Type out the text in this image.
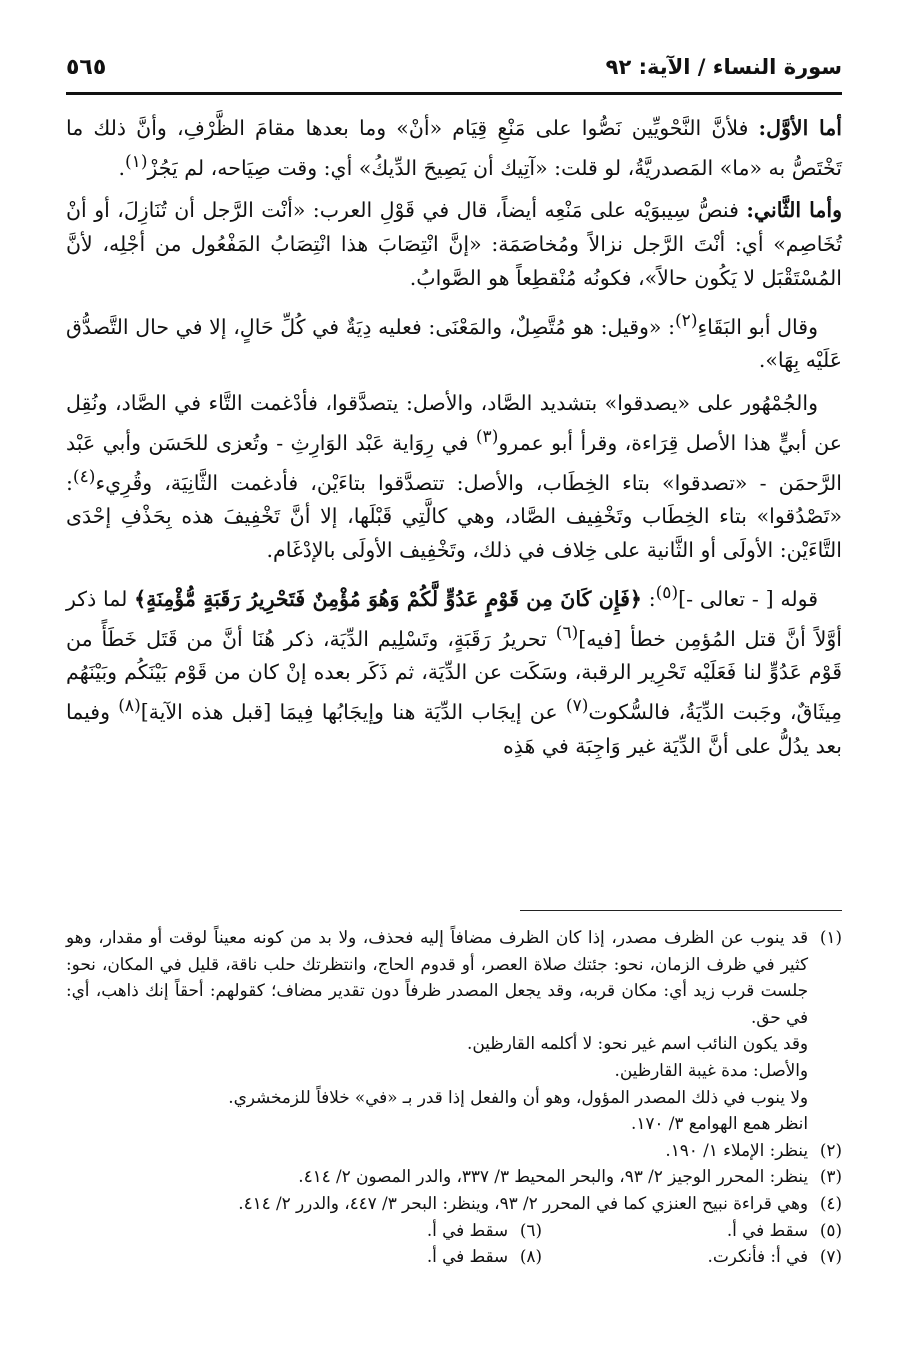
سورة النساء / الآية: ٩٢
٥٦٥

أما الأوَّل: فلأنَّ النَّحْويِّين نَصُّوا على مَنْعِ قِيَام «أنْ» وما بعدها مقامَ الظَّرْفِ، وأنَّ ذلك ما تَخْتَصُّ به «ما» المَصدريَّةُ، لو قلت: «آتِيك أن يَصِيحَ الدِّيكُ» أي: وقت صِيَاحه، لم يَجُزْ$^{(١)}$.

وأما الثَّاني: فنصُّ سِيبوَيْه على مَنْعِه أيضاً، قال في قَوْلِ العرب: «أنْت الرَّجل أن تُنَازِلَ، أو أنْ تُخَاصِم» أي: أنْتَ الرَّجل نزالاً ومُخاصَمَة: «إنَّ انْتِصَابَ هذا انْتِصَابُ المَفْعُول من أجْلِه، لأنَّ المُسْتَقْبَل لا يَكُون حالاً»، فكونُه مُنْقطِعاً هو الصَّوابُ.

وقال أبو البَقَاءِ$^{(٢)}$: «وقيل: هو مُتَّصِلٌ، والمَعْنَى: فعليه دِيَةٌ في كُلِّ حَالٍ، إلا في حال التَّصدُّق عَلَيْه بِهَا».

والجُمْهُور على «يصدقوا» بتشديد الصَّاد، والأصل: يتصدَّقوا، فأدْغمت التَّاء في الصَّاد، ونُقِل عن أبيٍّ هذا الأصل قِرَاءة، وقرأ أبو عمرو$^{(٣)}$ في رِوَاية عَبْد الوَارِثِ - وتُعزى للحَسَن وأبي عَبْد الرَّحمَن - «تصدقوا» بتاء الخِطَاب، والأصل: تتصدَّقوا بتاءَيْن، فأدغمت الثَّانِيَة، وقُرِيء$^{(٤)}$: «تَصْدُقوا» بتاء الخِطَاب وتَخْفِيف الصَّاد، وهي كالَّتِي قَبْلَها، إلا أنَّ تَخْفِيفَ هذه بِحَذْفِ إحْدَى التَّاءَيْن: الأولَى أو الثَّانية على خِلاف في ذلك، وتَخْفِيف الأولَى بالإدْغَام.

قوله [ - تعالى -]$^{(٥)}$: ﴿فَإِن كَانَ مِن قَوْمٍ عَدُوٍّ لَّكُمْ وَهُوَ مُؤْمِنٌ فَتَحْرِيرُ رَقَبَةٍ مُّؤْمِنَةٍ﴾ لما ذكر أوَّلاً أنَّ قتل المُؤمِن خطأ [فيه]$^{(٦)}$ تحريرُ رَقَبَةٍ، وتَسْلِيم الدِّيَة، ذكر هُنَا أنَّ من قَتَل خَطَأً من قَوْم عَدُوٍّ لنا فَعَلَيْه تَحْرِير الرقبة، وسَكَت عن الدِّيَة، ثم ذَكَر بعده إنْ كان من قَوْم بَيْنَكُم وبَيْنَهُم مِيثَاقٌ، وجَبت الدِّيَةُ، فالسُّكوت$^{(٧)}$ عن إيجَاب الدِّيَة هنا وإيجَابُها فِيمَا [قبل هذه الآية]$^{(٨)}$ وفيما بعد يدُلُّ على أنَّ الدِّيَة غير وَاجِبَة في هَذِه

(١)
قد ينوب عن الظرف مصدر، إذا كان الظرف مضافاً إليه فحذف، ولا بد من كونه معيناً لوقت أو مقدار، وهو كثير في ظرف الزمان، نحو: جئتك صلاة العصر، أو قدوم الحاج، وانتظرتك حلب ناقة، قليل في المكان، نحو: جلست قرب زيد أي: مكان قربه، وقد يجعل المصدر ظرفاً دون تقدير مضاف؛ كقولهم: أحقاً إنك ذاهب، أي: في حق.
وقد يكون النائب اسم غير نحو: لا أكلمه القارظين.
والأصل: مدة غيبة القارظين.
ولا ينوب في ذلك المصدر المؤول، وهو أن والفعل إذا قدر بـ «في» خلافاً للزمخشري.
انظر همع الهوامع ٣/ ١٧٠.
(٢)
ينظر: الإملاء ١/ ١٩٠.
(٣)
ينظر: المحرر الوجيز ٢/ ٩٣، والبحر المحيط ٣/ ٣٣٧، والدر المصون ٢/ ٤١٤.
(٤)
وهي قراءة نبيح العنزي كما في المحرر ٢/ ٩٣، وينظر: البحر ٣/ ٤٤٧، والدرر ٢/ ٤١٤.
(٥)
سقط في أ.
(٦)
سقط في أ.
(٧)
في أ: فأنكرت.
(٨)
سقط في أ.
